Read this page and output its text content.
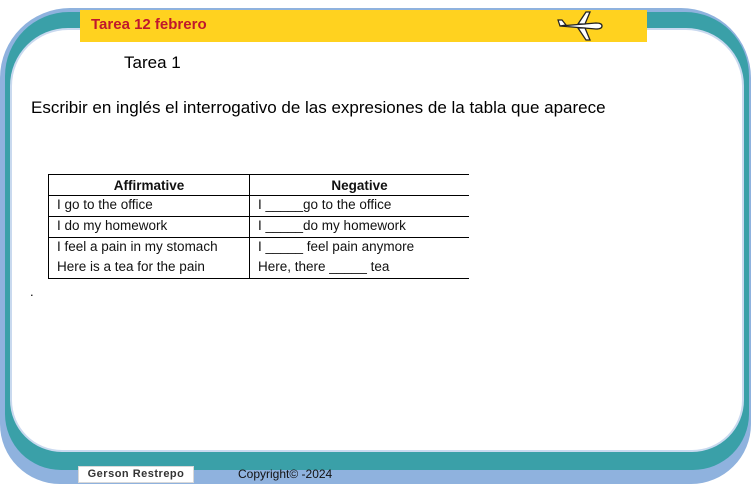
Tarea 12 febrero
Tarea 1
Escribir en inglés el interrogativo de las expresiones de la tabla que aparece
Affirmative	Negative
I go to the office	I _____go to the office
I do my homework	I _____do my homework
I feel a pain in my stomach	I _____ feel pain anymore
Here is a tea for the pain	Here, there _____ tea
.
Gerson Restrepo	Copyright© -2024
